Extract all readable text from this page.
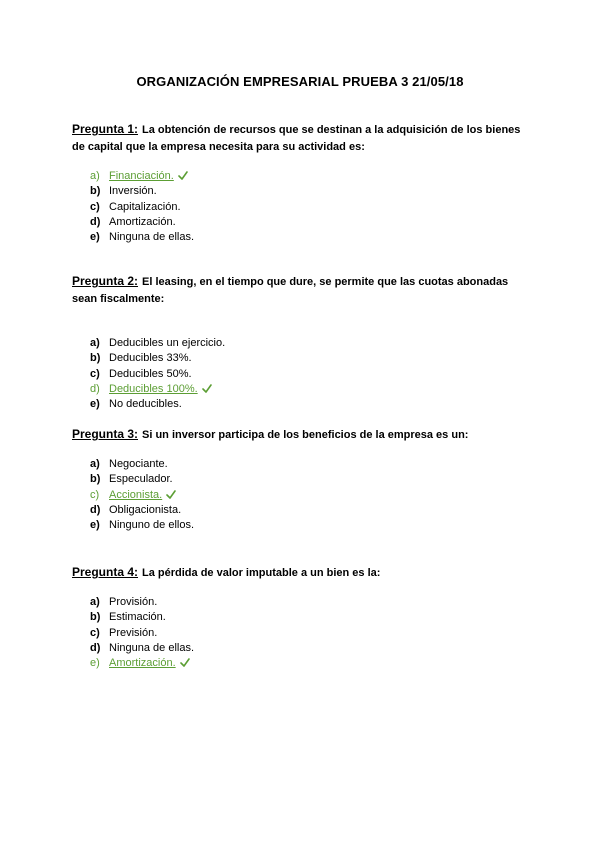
ORGANIZACIÓN EMPRESARIAL PRUEBA 3 21/05/18

Pregunta 1: La obtención de recursos que se destinan a la adquisición de los bienes de capital que la empresa necesita para su actividad es:

a) Financiación.
b) Inversión.
c) Capitalización.
d) Amortización.
e) Ninguna de ellas.

Pregunta 2: El leasing, en el tiempo que dure, se permite que las cuotas abonadas sean fiscalmente:

a) Deducibles un ejercicio.
b) Deducibles 33%.
c) Deducibles 50%.
d) Deducibles 100%.
e) No deducibles.

Pregunta 3: Si un inversor participa de los beneficios de la empresa es un:

a) Negociante.
b) Especulador.
c) Accionista.
d) Obligacionista.
e) Ninguno de ellos.

Pregunta 4: La pérdida de valor imputable a un bien es la:

a) Provisión.
b) Estimación.
c) Previsión.
d) Ninguna de ellas.
e) Amortización.
